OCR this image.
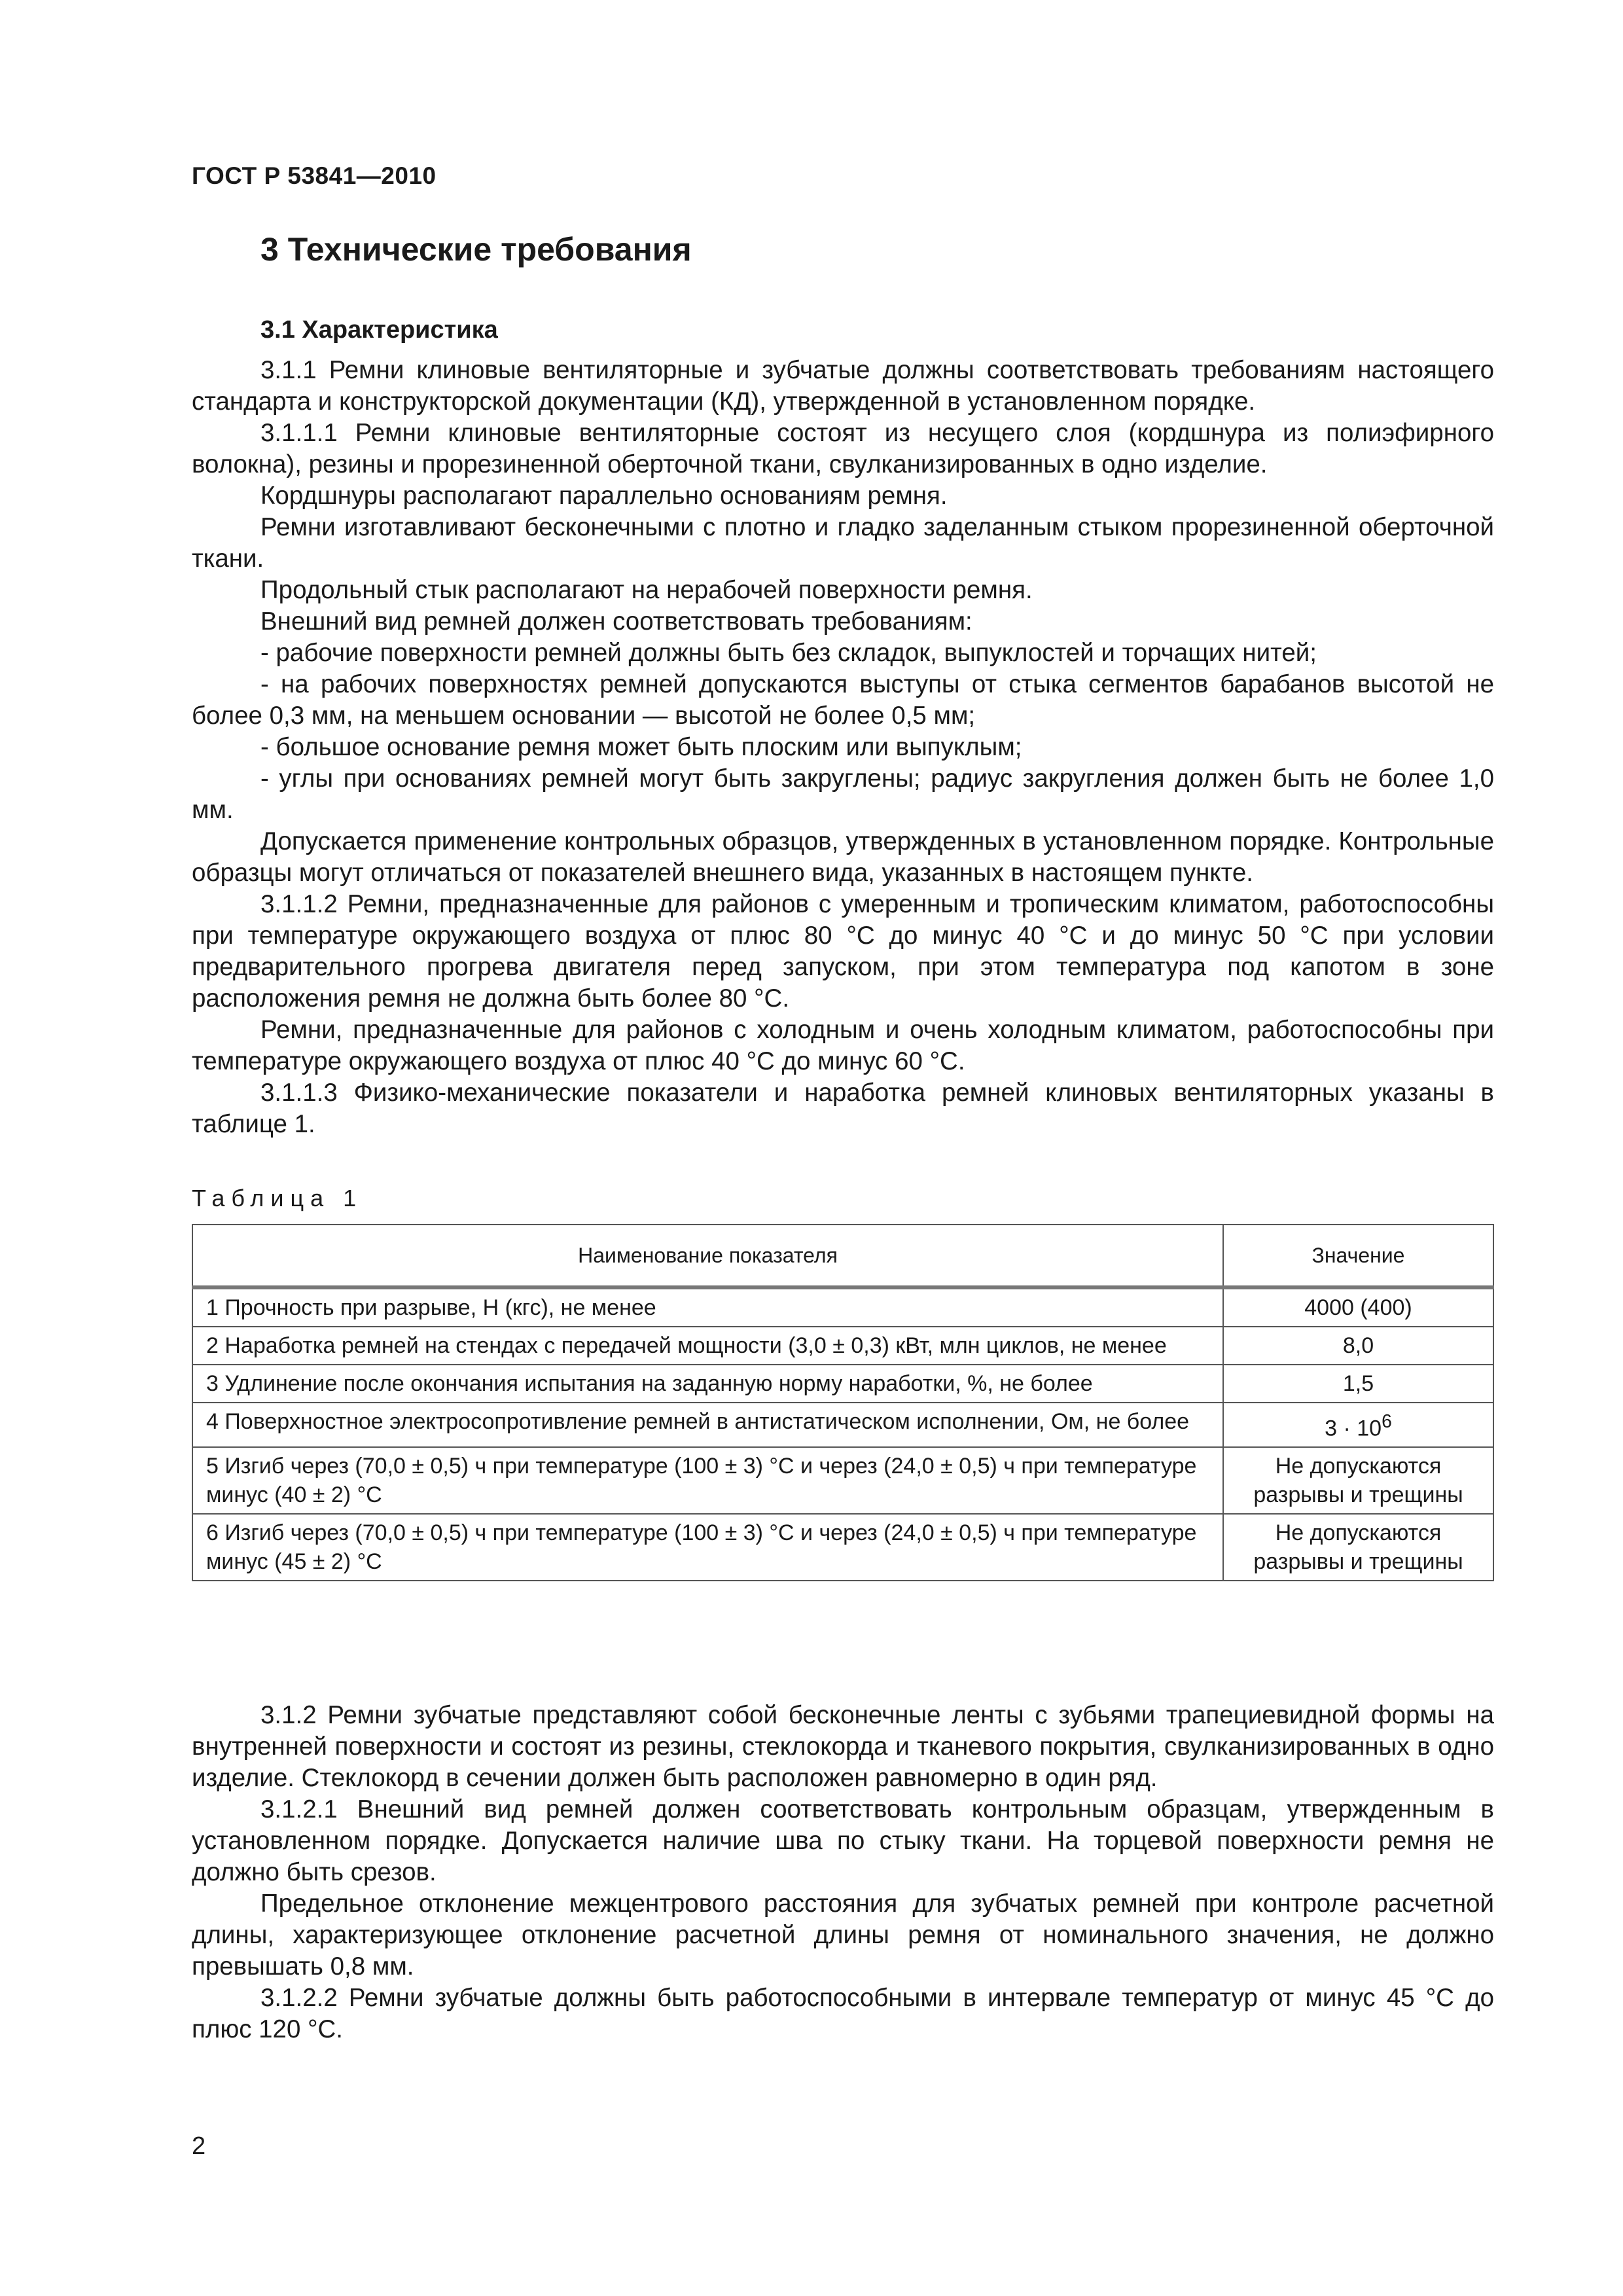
ГОСТ Р 53841—2010
3 Технические требования
3.1 Характеристика

3.1.1 Ремни клиновые вентиляторные и зубчатые должны соответствовать требованиям настоящего стандарта и конструкторской документации (КД), утвержденной в установленном порядке.

3.1.1.1 Ремни клиновые вентиляторные состоят из несущего слоя (кордшнура из полиэфирного волокна), резины и прорезиненной оберточной ткани, свулканизированных в одно изделие.

Кордшнуры располагают параллельно основаниям ремня.

Ремни изготавливают бесконечными с плотно и гладко заделанным стыком прорезиненной оберточной ткани.

Продольный стык располагают на нерабочей поверхности ремня.

Внешний вид ремней должен соответствовать требованиям:

- рабочие поверхности ремней должны быть без складок, выпуклостей и торчащих нитей;

- на рабочих поверхностях ремней допускаются выступы от стыка сегментов барабанов высотой не более 0,3 мм, на меньшем основании — высотой не более 0,5 мм;

- большое основание ремня может быть плоским или выпуклым;

- углы при основаниях ремней могут быть закруглены; радиус закругления должен быть не более 1,0 мм.

Допускается применение контрольных образцов, утвержденных в установленном порядке. Контрольные образцы могут отличаться от показателей внешнего вида, указанных в настоящем пункте.

3.1.1.2 Ремни, предназначенные для районов с умеренным и тропическим климатом, работоспособны при температуре окружающего воздуха от плюс 80 °С до минус 40 °С и до минус 50 °С при условии предварительного прогрева двигателя перед запуском, при этом температура под капотом в зоне расположения ремня не должна быть более 80 °С.

Ремни, предназначенные для районов с холодным и очень холодным климатом, работоспособны при температуре окружающего воздуха от плюс 40 °С до минус 60 °С.

3.1.1.3 Физико-механические показатели и наработка ремней клиновых вентиляторных указаны в таблице 1.

Таблица 1
Наименование показателя	Значение
1 Прочность при разрыве, Н (кгс), не менее	4000 (400)
2 Наработка ремней на стендах с передачей мощности (3,0 ± 0,3) кВт, млн циклов, не менее	8,0
3 Удлинение после окончания испытания на заданную норму наработки, %, не более	1,5
4 Поверхностное электросопротивление ремней в антистатическом исполнении, Ом, не более	$3 \cdot 10^6$
5 Изгиб через (70,0 ± 0,5) ч при температуре (100 ± 3) °С и через (24,0 ± 0,5) ч при температуре минус (40 ± 2) °С	Не допускаются разрывы и трещины
6 Изгиб через (70,0 ± 0,5) ч при температуре (100 ± 3) °С и через (24,0 ± 0,5) ч при температуре минус (45 ± 2) °С	Не допускаются разрывы и трещины

3.1.2 Ремни зубчатые представляют собой бесконечные ленты с зубьями трапециевидной формы на внутренней поверхности и состоят из резины, стеклокорда и тканевого покрытия, свулканизированных в одно изделие. Стеклокорд в сечении должен быть расположен равномерно в один ряд.

3.1.2.1 Внешний вид ремней должен соответствовать контрольным образцам, утвержденным в установленном порядке. Допускается наличие шва по стыку ткани. На торцевой поверхности ремня не должно быть срезов.

Предельное отклонение межцентрового расстояния для зубчатых ремней при контроле расчетной длины, характеризующее отклонение расчетной длины ремня от номинального значения, не должно превышать 0,8 мм.

3.1.2.2 Ремни зубчатые должны быть работоспособными в интервале температур от минус 45 °С до плюс 120 °С.

2
